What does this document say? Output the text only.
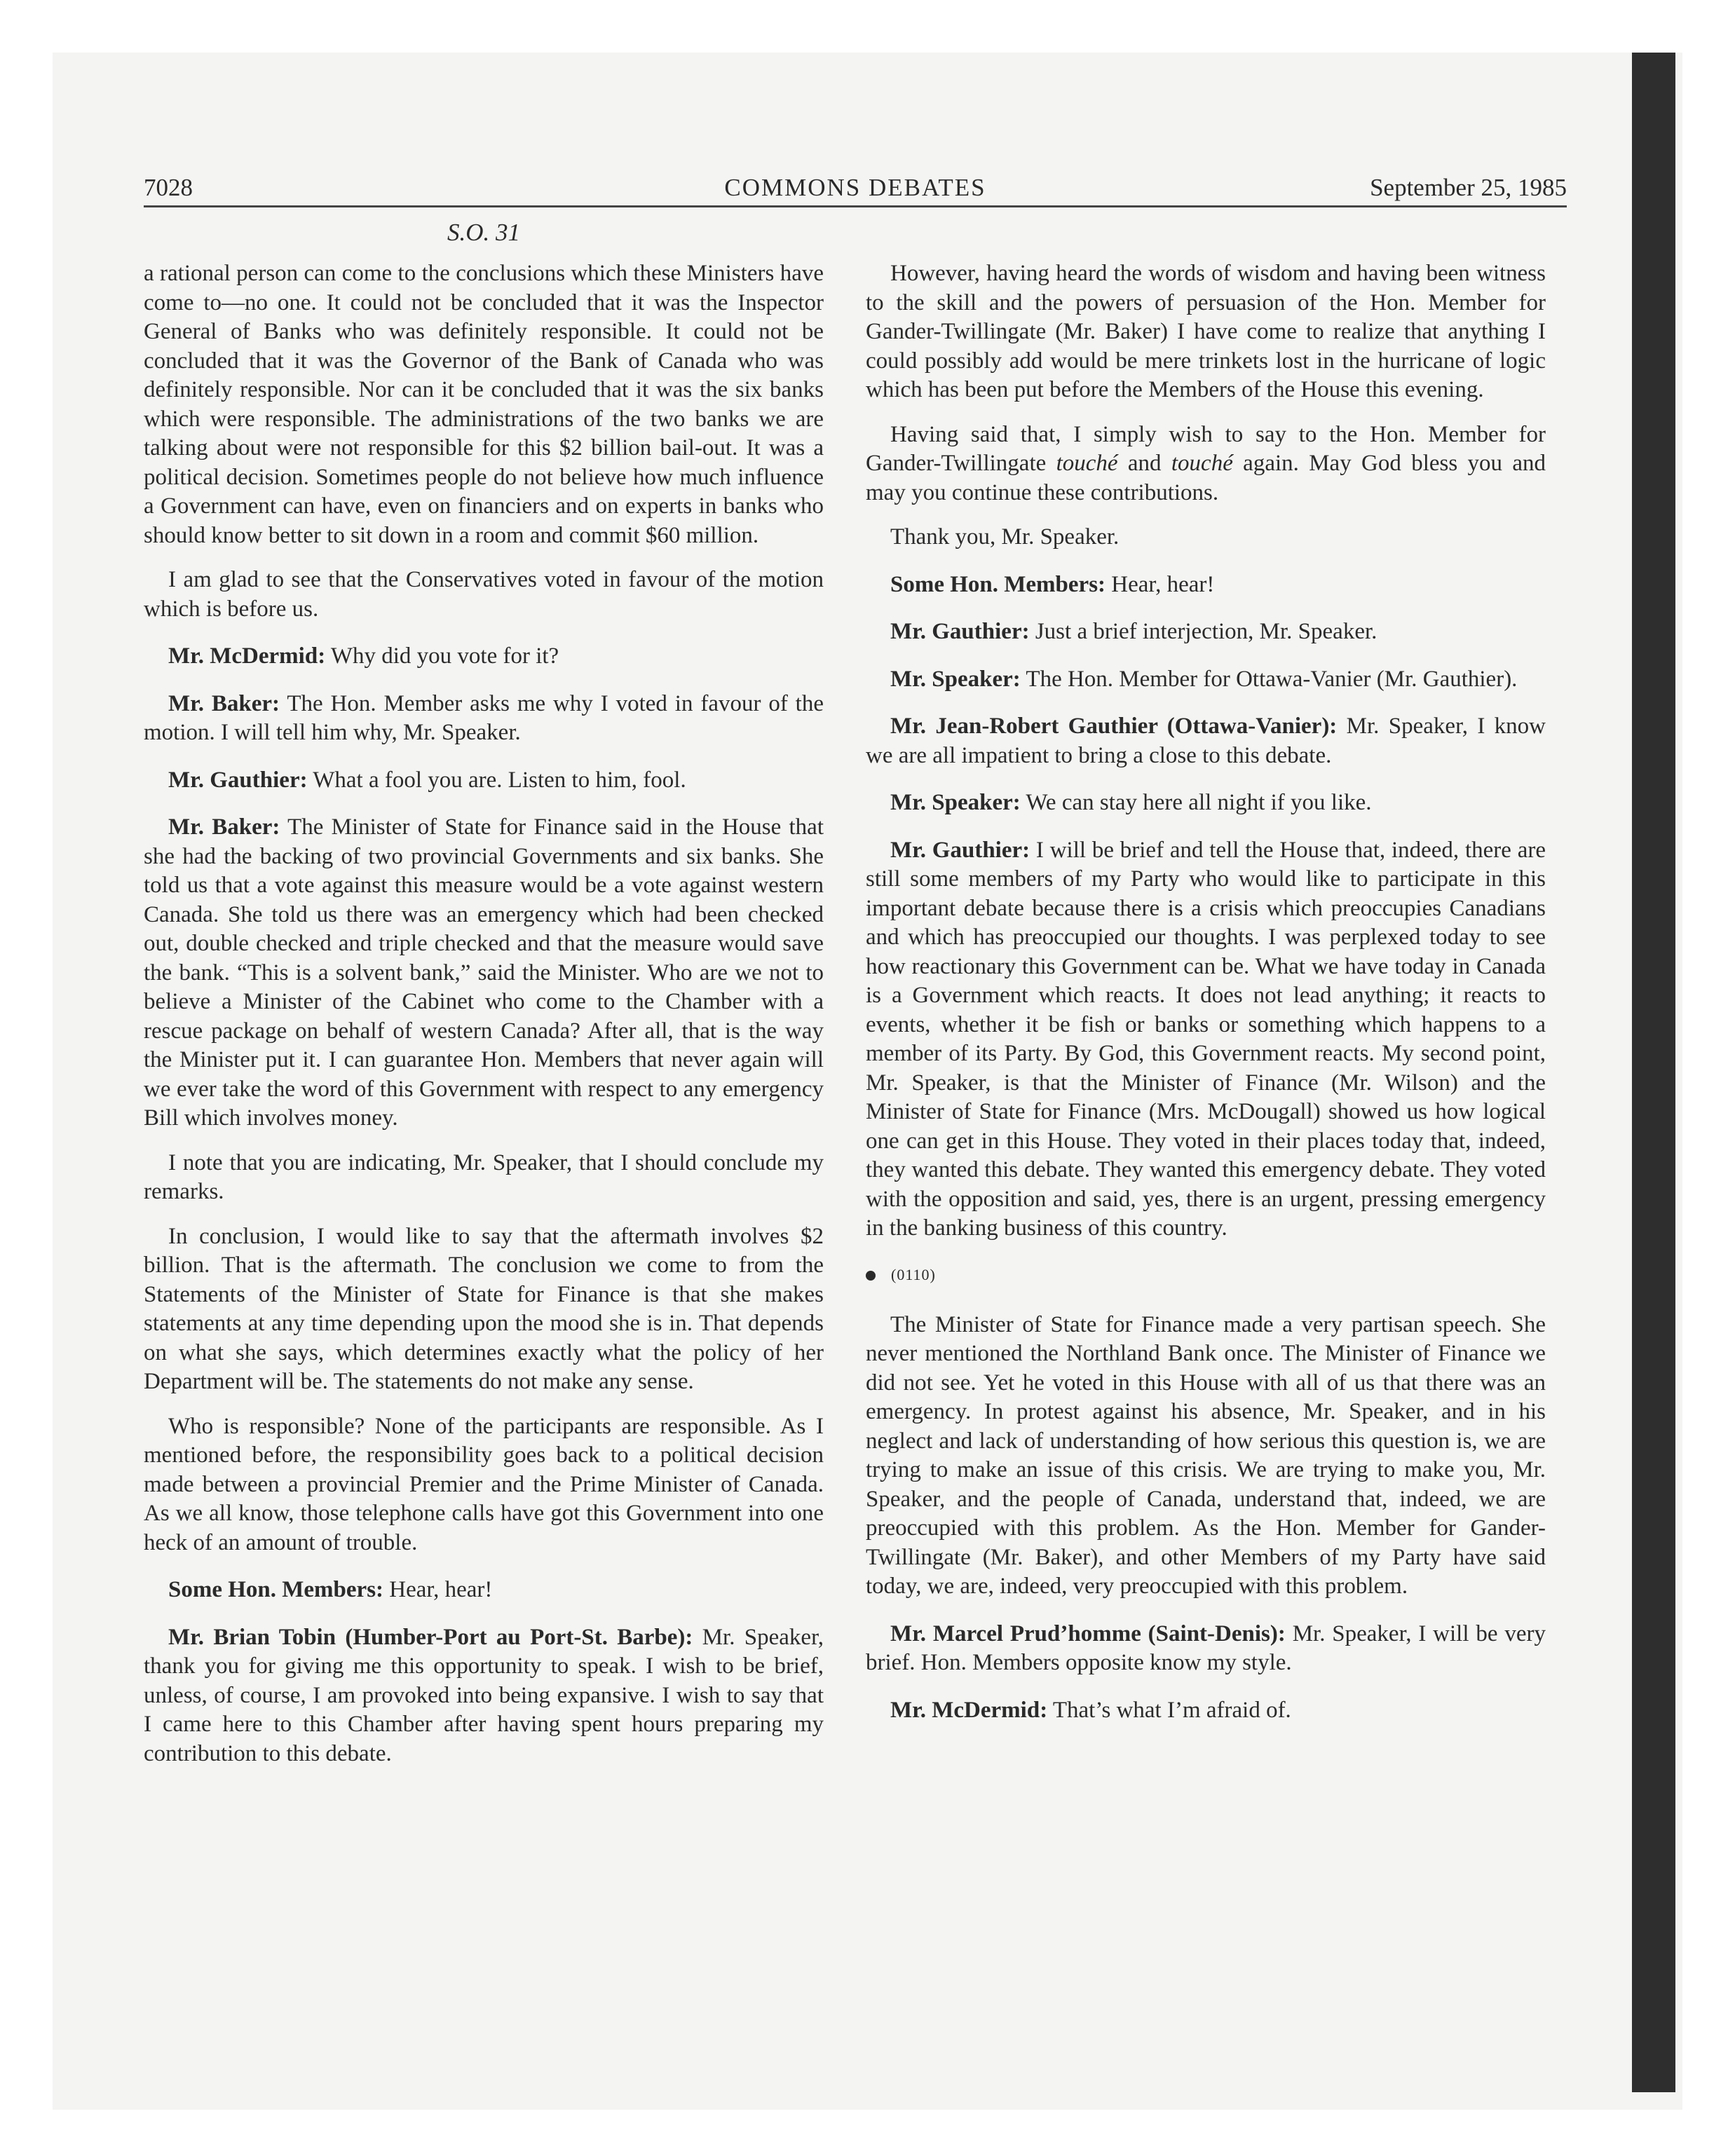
7028	COMMONS DEBATES	September 25, 1985
S.O. 31

a rational person can come to the conclusions which these Ministers have come to—no one. It could not be concluded that it was the Inspector General of Banks who was definitely responsible. It could not be concluded that it was the Governor of the Bank of Canada who was definitely responsible. Nor can it be concluded that it was the six banks which were responsible. The administrations of the two banks we are talking about were not responsible for this $2 billion bail-out. It was a political decision. Sometimes people do not believe how much influence a Government can have, even on financiers and on experts in banks who should know better to sit down in a room and commit $60 million.

I am glad to see that the Conservatives voted in favour of the motion which is before us.

Mr. McDermid: Why did you vote for it?

Mr. Baker: The Hon. Member asks me why I voted in favour of the motion. I will tell him why, Mr. Speaker.

Mr. Gauthier: What a fool you are. Listen to him, fool.

Mr. Baker: The Minister of State for Finance said in the House that she had the backing of two provincial Governments and six banks. She told us that a vote against this measure would be a vote against western Canada. She told us there was an emergency which had been checked out, double checked and triple checked and that the measure would save the bank. “This is a solvent bank,” said the Minister. Who are we not to believe a Minister of the Cabinet who come to the Chamber with a rescue package on behalf of western Canada? After all, that is the way the Minister put it. I can guarantee Hon. Members that never again will we ever take the word of this Government with respect to any emergency Bill which involves money.

I note that you are indicating, Mr. Speaker, that I should conclude my remarks.

In conclusion, I would like to say that the aftermath involves $2 billion. That is the aftermath. The conclusion we come to from the Statements of the Minister of State for Finance is that she makes statements at any time depending upon the mood she is in. That depends on what she says, which determines exactly what the policy of her Department will be. The statements do not make any sense.

Who is responsible? None of the participants are responsible. As I mentioned before, the responsibility goes back to a political decision made between a provincial Premier and the Prime Minister of Canada. As we all know, those telephone calls have got this Government into one heck of an amount of trouble.

Some Hon. Members: Hear, hear!

Mr. Brian Tobin (Humber-Port au Port-St. Barbe): Mr. Speaker, thank you for giving me this opportunity to speak. I wish to be brief, unless, of course, I am provoked into being expansive. I wish to say that I came here to this Chamber after having spent hours preparing my contribution to this debate.

However, having heard the words of wisdom and having been witness to the skill and the powers of persuasion of the Hon. Member for Gander-Twillingate (Mr. Baker) I have come to realize that anything I could possibly add would be mere trinkets lost in the hurricane of logic which has been put before the Members of the House this evening.

Having said that, I simply wish to say to the Hon. Member for Gander-Twillingate touché and touché again. May God bless you and may you continue these contributions.

Thank you, Mr. Speaker.

Some Hon. Members: Hear, hear!

Mr. Gauthier: Just a brief interjection, Mr. Speaker.

Mr. Speaker: The Hon. Member for Ottawa-Vanier (Mr. Gauthier).

Mr. Jean-Robert Gauthier (Ottawa-Vanier): Mr. Speaker, I know we are all impatient to bring a close to this debate.

Mr. Speaker: We can stay here all night if you like.

Mr. Gauthier: I will be brief and tell the House that, indeed, there are still some members of my Party who would like to participate in this important debate because there is a crisis which preoccupies Canadians and which has preoccupied our thoughts. I was perplexed today to see how reactionary this Government can be. What we have today in Canada is a Government which reacts. It does not lead anything; it reacts to events, whether it be fish or banks or something which happens to a member of its Party. By God, this Government reacts. My second point, Mr. Speaker, is that the Minister of Finance (Mr. Wilson) and the Minister of State for Finance (Mrs. McDougall) showed us how logical one can get in this House. They voted in their places today that, indeed, they wanted this debate. They wanted this emergency debate. They voted with the opposition and said, yes, there is an urgent, pressing emergency in the banking business of this country.

(0110)

The Minister of State for Finance made a very partisan speech. She never mentioned the Northland Bank once. The Minister of Finance we did not see. Yet he voted in this House with all of us that there was an emergency. In protest against his absence, Mr. Speaker, and in his neglect and lack of understanding of how serious this question is, we are trying to make an issue of this crisis. We are trying to make you, Mr. Speaker, and the people of Canada, understand that, indeed, we are preoccupied with this problem. As the Hon. Member for Gander-Twillingate (Mr. Baker), and other Members of my Party have said today, we are, indeed, very preoccupied with this problem.

Mr. Marcel Prud’homme (Saint-Denis): Mr. Speaker, I will be very brief. Hon. Members opposite know my style.

Mr. McDermid: That’s what I’m afraid of.
